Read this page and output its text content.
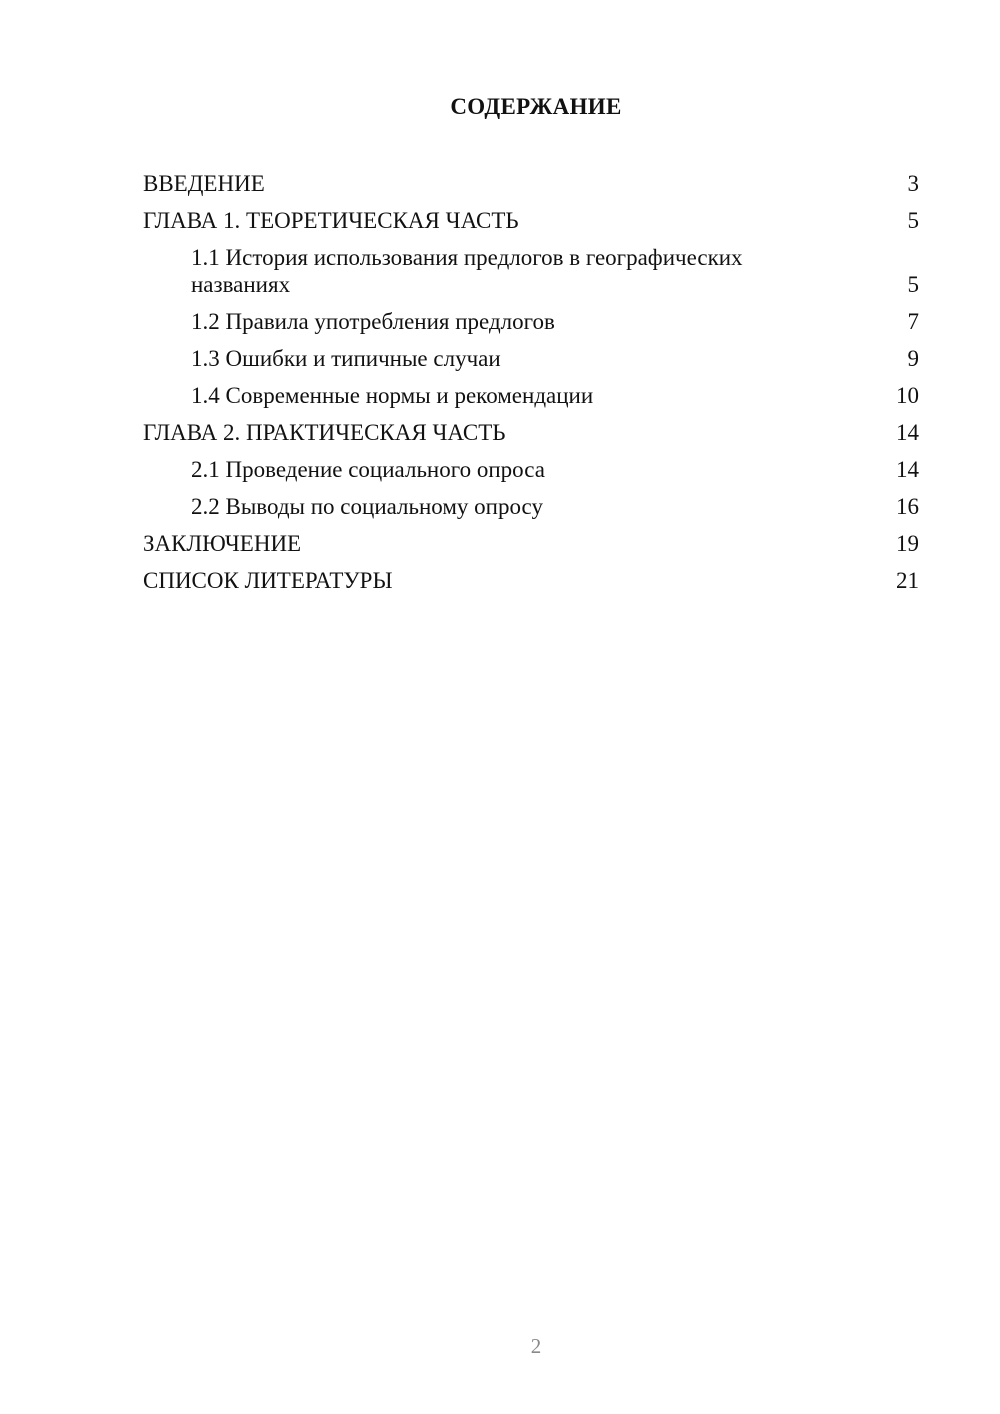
СОДЕРЖАНИЕ
ВВЕДЕНИЕ	3
ГЛАВА 1. ТЕОРЕТИЧЕСКАЯ ЧАСТЬ	5
1.1 История использования предлогов в географических названиях	5
1.2 Правила употребления предлогов	7
1.3 Ошибки и типичные случаи	9
1.4 Современные нормы и рекомендации	10
ГЛАВА 2. ПРАКТИЧЕСКАЯ ЧАСТЬ	14
2.1 Проведение социального опроса	14
2.2 Выводы по социальному опросу	16
ЗАКЛЮЧЕНИЕ	19
СПИСОК ЛИТЕРАТУРЫ	21
2
